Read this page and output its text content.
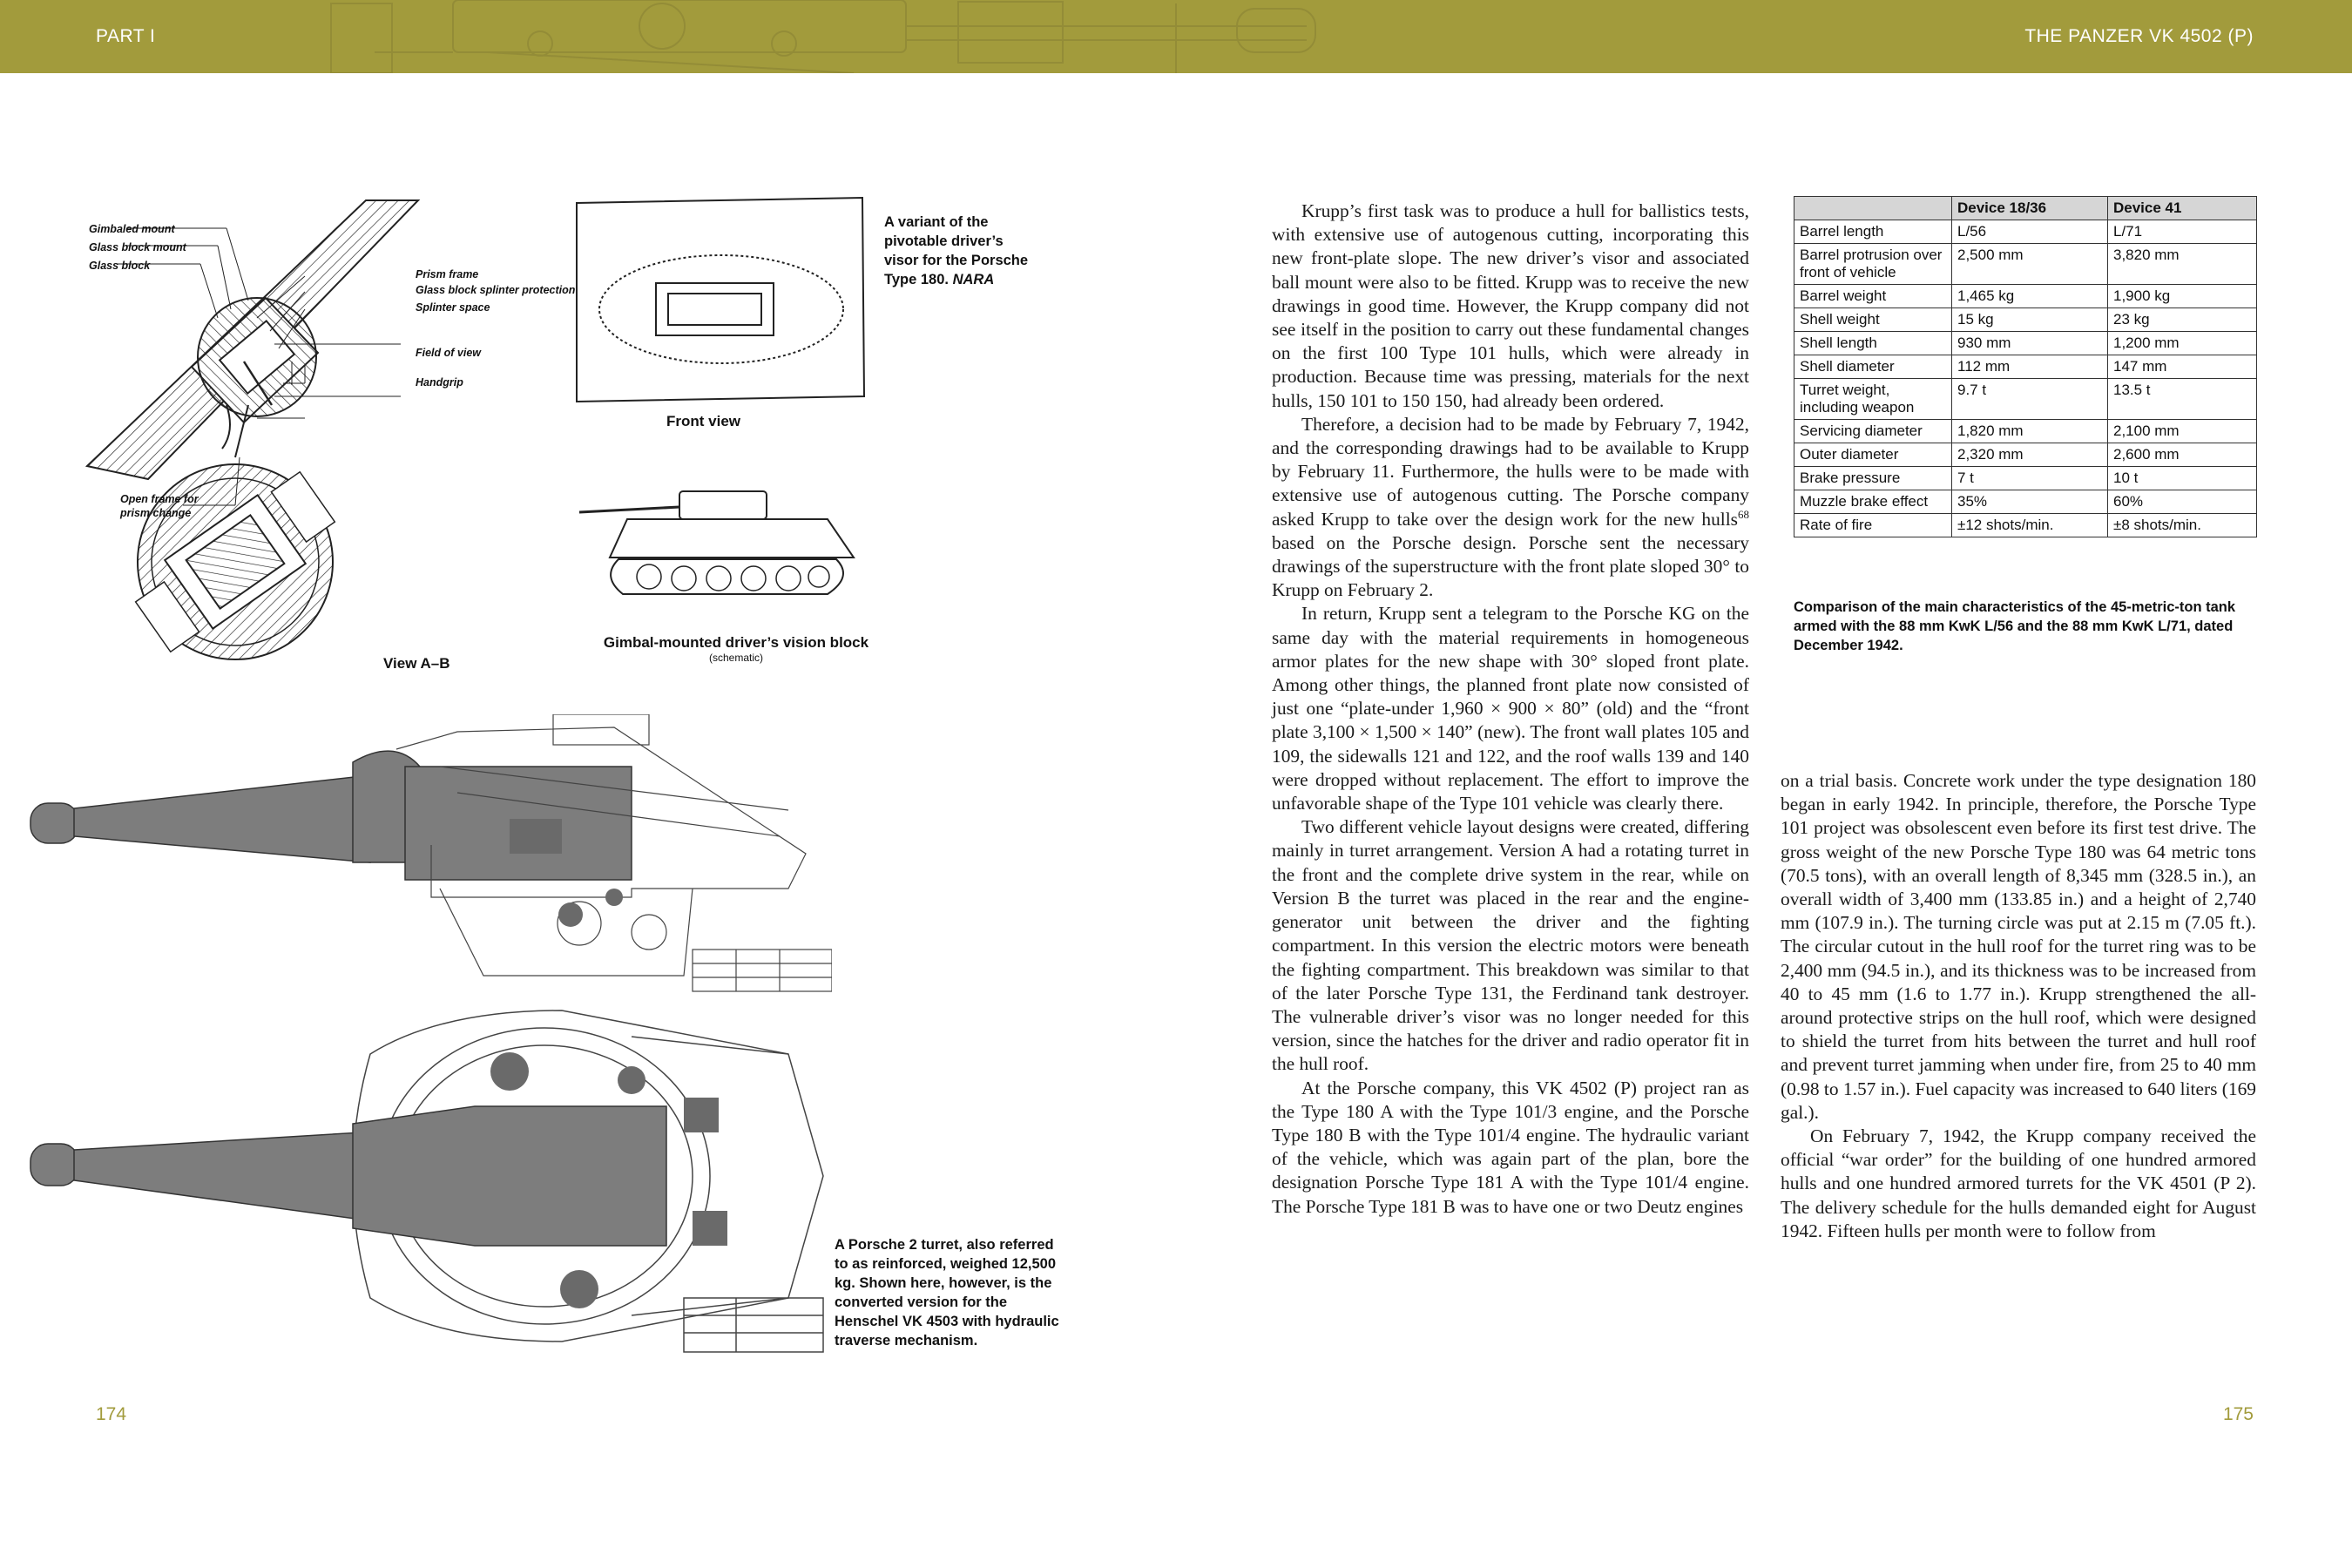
PART I	THE PANZER VK 4502 (P)
Gimbaled mount
Glass block mount
Glass block
Prism frame
Glass block splinter protection
Splinter space
Field of view
Handgrip
Open frame for
prism change
View A–B
Front view
Gimbal-mounted driver’s vision block
(schematic)
A variant of the pivotable driver’s visor for the Porsche Type 180. NARA
A Porsche 2 turret, also referred to as reinforced, weighed 12,500 kg. Shown here, however, is the converted version for the Henschel VK 4503 with hydraulic traverse mechanism.

Krupp’s first task was to produce a hull for ballistics tests, with extensive use of autogenous cutting, incorporating this new front-plate slope. The new driver’s visor and associated ball mount were also to be fitted. Krupp was to receive the new drawings in good time. However, the Krupp company did not see itself in the position to carry out these fundamental changes on the first 100 Type 101 hulls, which were already in production. Because time was pressing, materials for the next hulls, 150 101 to 150 150, had already been ordered.

Therefore, a decision had to be made by February 7, 1942, and the corresponding drawings had to be available to Krupp by February 11. Furthermore, the hulls were to be made with extensive use of autogenous cutting. The Porsche company asked Krupp to take over the design work for the new hulls$^{68}$ based on the Porsche design. Porsche sent the necessary drawings of the superstructure with the front plate sloped 30° to Krupp on February 2.

In return, Krupp sent a telegram to the Porsche KG on the same day with the material requirements in homogeneous armor plates for the new shape with 30° sloped front plate. Among other things, the planned front plate now consisted of just one “plate-under 1,960 × 900 × 80” (old) and the “front plate 3,100 × 1,500 × 140” (new). The front wall plates 105 and 109, the sidewalls 121 and 122, and the roof walls 139 and 140 were dropped without replacement. The effort to improve the unfavorable shape of the Type 101 vehicle was clearly there.

Two different vehicle layout designs were created, differing mainly in turret arrangement. Version A had a rotating turret in the front and the complete drive system in the rear, while on Version B the turret was placed in the rear and the engine-generator unit between the driver and the fighting compartment. In this version the electric motors were beneath the fighting compartment. This breakdown was similar to that of the later Porsche Type 131, the Ferdinand tank destroyer. The vulnerable driver’s visor was no longer needed for this version, since the hatches for the driver and radio operator fit in the hull roof.

At the Porsche company, this VK 4502 (P) project ran as the Type 180 A with the Type 101/3 engine, and the Porsche Type 180 B with the Type 101/4 engine. The hydraulic variant of the vehicle, which was again part of the plan, bore the designation Porsche Type 181 A with the Type 101/4 engine. The Porsche Type 181 B was to have one or two Deutz engines

	Device 18/36	Device 41
Barrel length	L/56	L/71
Barrel protrusion over front of vehicle	2,500 mm	3,820 mm
Barrel weight	1,465 kg	1,900 kg
Shell weight	15 kg	23 kg
Shell length	930 mm	1,200 mm
Shell diameter	112 mm	147 mm
Turret weight, including weapon	9.7 t	13.5 t
Servicing diameter	1,820 mm	2,100 mm
Outer diameter	2,320 mm	2,600 mm
Brake pressure	7 t	10 t
Muzzle brake effect	35%	60%
Rate of fire	±12 shots/min.	±8 shots/min.
Comparison of the main characteristics of the 45-metric-ton tank armed with the 88 mm KwK L/56 and the 88 mm KwK L/71, dated December 1942.

on a trial basis. Concrete work under the type designation 180 began in early 1942. In principle, therefore, the Porsche Type 101 project was obsolescent even before its first test drive. The gross weight of the new Porsche Type 180 was 64 metric tons (70.5 tons), with an overall length of 8,345 mm (328.5 in.), an overall width of 3,400 mm (133.85 in.) and a height of 2,740 mm (107.9 in.). The turning circle was put at 2.15 m (7.05 ft.). The circular cutout in the hull roof for the turret ring was to be 2,400 mm (94.5 in.), and its thickness was to be increased from 40 to 45 mm (1.6 to 1.77 in.). Krupp strengthened the all-around protective strips on the hull roof, which were designed to shield the turret from hits between the turret and hull roof and prevent turret jamming when under fire, from 25 to 40 mm (0.98 to 1.57 in.). Fuel capacity was increased to 640 liters (169 gal.).

On February 7, 1942, the Krupp company received the official “war order” for the building of one hundred armored hulls and one hundred armored turrets for the VK 4501 (P 2). The delivery schedule for the hulls demanded eight for August 1942. Fifteen hulls per month were to follow from

174	175
